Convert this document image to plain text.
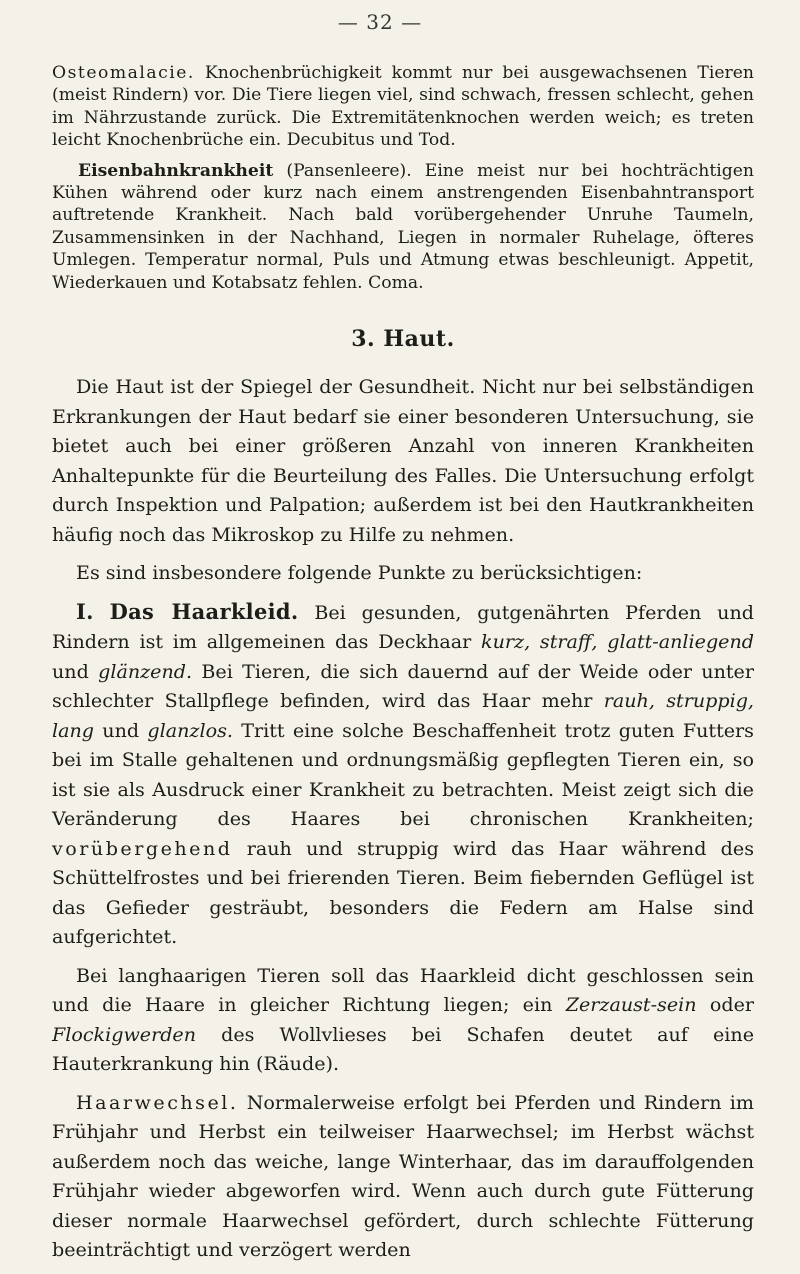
— 32 —

Osteomalacie. Knochenbrüchigkeit kommt nur bei ausgewachsenen Tieren (meist Rindern) vor. Die Tiere liegen viel, sind schwach, fressen schlecht, gehen im Nährzustande zurück. Die Extremitätenknochen werden weich; es treten leicht Knochenbrüche ein. Decubitus und Tod.

Eisenbahnkrankheit (Pansenleere). Eine meist nur bei hochträchtigen Kühen während oder kurz nach einem anstrengenden Eisenbahntransport auftretende Krankheit. Nach bald vorübergehender Unruhe Taumeln, Zusammensinken in der Nachhand, Liegen in normaler Ruhelage, öfteres Umlegen. Temperatur normal, Puls und Atmung etwas beschleunigt. Appetit, Wiederkauen und Kotabsatz fehlen. Coma.

3. Haut.

Die Haut ist der Spiegel der Gesundheit. Nicht nur bei selbständigen Erkrankungen der Haut bedarf sie einer besonderen Untersuchung, sie bietet auch bei einer größeren Anzahl von inneren Krankheiten Anhaltepunkte für die Beurteilung des Falles. Die Untersuchung erfolgt durch Inspektion und Palpation; außerdem ist bei den Hautkrankheiten häufig noch das Mikroskop zu Hilfe zu nehmen.

Es sind insbesondere folgende Punkte zu berücksichtigen:

I. Das Haarkleid. Bei gesunden, gutgenährten Pferden und Rindern ist im allgemeinen das Deckhaar kurz, straff, glatt-anliegend und glänzend. Bei Tieren, die sich dauernd auf der Weide oder unter schlechter Stallpflege befinden, wird das Haar mehr rauh, struppig, lang und glanzlos. Tritt eine solche Beschaffenheit trotz guten Futters bei im Stalle gehaltenen und ordnungsmäßig gepflegten Tieren ein, so ist sie als Ausdruck einer Krankheit zu betrachten. Meist zeigt sich die Veränderung des Haares bei chronischen Krankheiten; vorübergehend rauh und struppig wird das Haar während des Schüttelfrostes und bei frierenden Tieren. Beim fiebernden Geflügel ist das Gefieder gesträubt, besonders die Federn am Halse sind aufgerichtet.

Bei langhaarigen Tieren soll das Haarkleid dicht geschlossen sein und die Haare in gleicher Richtung liegen; ein Zerzaust-sein oder Flockigwerden des Wollvlieses bei Schafen deutet auf eine Hauterkrankung hin (Räude).

Haarwechsel. Normalerweise erfolgt bei Pferden und Rindern im Frühjahr und Herbst ein teilweiser Haarwechsel; im Herbst wächst außerdem noch das weiche, lange Winterhaar, das im darauffolgenden Frühjahr wieder abgeworfen wird. Wenn auch durch gute Fütterung dieser normale Haarwechsel gefördert, durch schlechte Fütterung beeinträchtigt und verzögert werden
